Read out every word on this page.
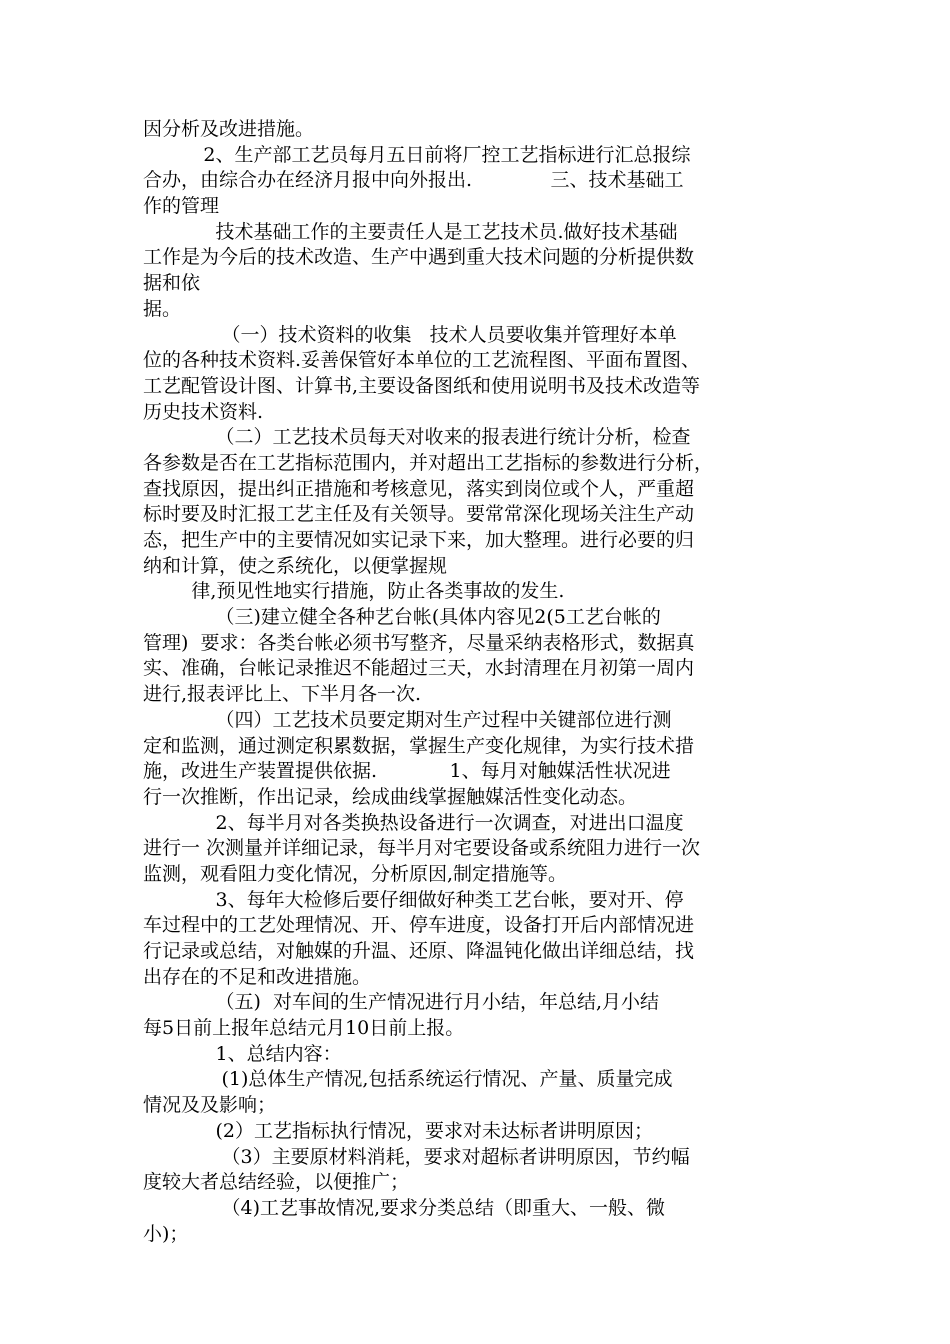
因分析及改进措施。
2、生产部工艺员每月五日前将厂控工艺指标进行汇总报综
合办，由综合办在经济月报中向外报出.             三、技术基础工
作的管理
技术基础工作的主要责任人是工艺技术员.做好技术基础
工作是为今后的技术改造、生产中遇到重大技术问题的分析提供数
据和依
据。
（一）技术资料的收集   技术人员要收集并管理好本单
位的各种技术资料.妥善保管好本单位的工艺流程图、平面布置图、
工艺配管设计图、计算书,主要设备图纸和使用说明书及技术改造等
历史技术资料.
（二）工艺技术员每天对收来的报表进行统计分析，检查
各参数是否在工艺指标范围内，并对超出工艺指标的参数进行分析，
查找原因，提出纠正措施和考核意见，落实到岗位或个人，严重超
标时要及时汇报工艺主任及有关领导。要常常深化现场关注生产动
态，把生产中的主要情况如实记录下来，加大整理。进行必要的归
纳和计算，使之系统化，以便掌握规
律,预见性地实行措施，防止各类事故的发生.
（三)建立健全各种艺台帐(具体内容见2(5工艺台帐的
管理)  要求：各类台帐必须书写整齐，尽量采纳表格形式，数据真
实、准确，台帐记录推迟不能超过三天，水封清理在月初第一周内
进行,报表评比上、下半月各一次.
（四）工艺技术员要定期对生产过程中关键部位进行测
定和监测，通过测定积累数据，掌握生产变化规律，为实行技术措
施，改进生产装置提供依据.            1、每月对触媒活性状况进
行一次推断，作出记录，绘成曲线掌握触媒活性变化动态。
2、每半月对各类换热设备进行一次调查，对进出口温度
进行一 次测量并详细记录，每半月对宅要设备或系统阻力进行一次
监测，观看阻力变化情况，分析原因,制定措施等。
3、每年大检修后要仔细做好种类工艺台帐，要对开、停
车过程中的工艺处理情况、开、停车进度，设备打开后内部情况进
行记录或总结，对触媒的升温、还原、降温钝化做出详细总结，找
出存在的不足和改进措施。
（五)  对车间的生产情况进行月小结，年总结,月小结
每5日前上报年总结元月10日前上报。
1、总结内容：
(1)总体生产情况,包括系统运行情况、产量、质量完成
情况及及影响；
(2）工艺指标执行情况，要求对未达标者讲明原因；
（3）主要原材料消耗，要求对超标者讲明原因，节约幅
度较大者总结经验，以便推广；
（4)工艺事故情况,要求分类总结（即重大、一般、微
小)；
